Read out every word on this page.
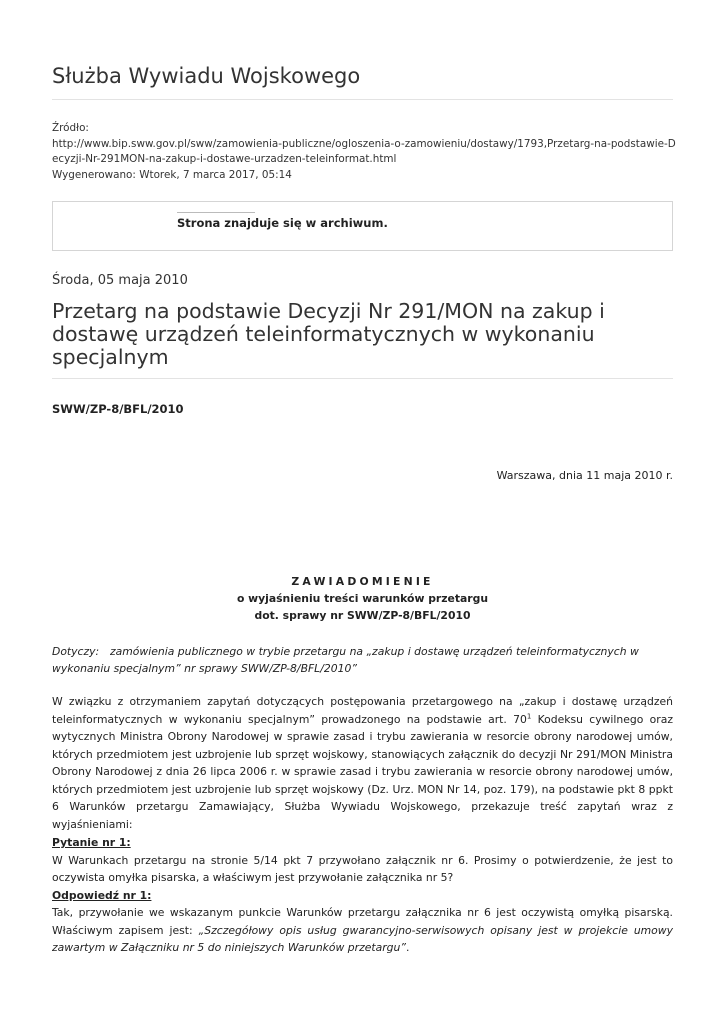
Służba Wywiadu Wojskowego
Źródło:
http://www.bip.sww.gov.pl/sww/zamowienia-publiczne/ogloszenia-o-zamowieniu/dostawy/1793,Przetarg-na-podstawie-Decyzji-Nr-291MON-na-zakup-i-dostawe-urzadzen-teleinformat.html
Wygenerowano: Wtorek, 7 marca 2017, 05:14
Strona znajduje się w archiwum.
Środa, 05 maja 2010
Przetarg na podstawie Decyzji Nr 291/MON na zakup i dostawę urządzeń teleinformatycznych w wykonaniu specjalnym
SWW/ZP-8/BFL/2010
Warszawa, dnia 11 maja 2010 r.
ZAWIADOMIENIE
o wyjaśnieniu treści warunków przetargu
dot. sprawy nr SWW/ZP-8/BFL/2010
Dotyczy: zamówienia publicznego w trybie przetargu na „zakup i dostawę urządzeń teleinformatycznych w wykonaniu specjalnym” nr sprawy SWW/ZP-8/BFL/2010”
W związku z otrzymaniem zapytań dotyczących postępowania przetargowego na „zakup i dostawę urządzeń teleinformatycznych w wykonaniu specjalnym” prowadzonego na podstawie art. $70^1$ Kodeksu cywilnego oraz wytycznych Ministra Obrony Narodowej w sprawie zasad i trybu zawierania w resorcie obrony narodowej umów, których przedmiotem jest uzbrojenie lub sprzęt wojskowy, stanowiących załącznik do decyzji Nr 291/MON Ministra Obrony Narodowej z dnia 26 lipca 2006 r. w sprawie zasad i trybu zawierania w resorcie obrony narodowej umów, których przedmiotem jest uzbrojenie lub sprzęt wojskowy (Dz. Urz. MON Nr 14, poz. 179), na podstawie pkt 8 ppkt 6 Warunków przetargu Zamawiający, Służba Wywiadu Wojskowego, przekazuje treść zapytań wraz z wyjaśnieniami:
Pytanie nr 1:
W Warunkach przetargu na stronie 5/14 pkt 7 przywołano załącznik nr 6. Prosimy o potwierdzenie, że jest to oczywista omyłka pisarska, a właściwym jest przywołanie załącznika nr 5?
Odpowiedź nr 1:
Tak, przywołanie we wskazanym punkcie Warunków przetargu załącznika nr 6 jest oczywistą omyłką pisarską. Właściwym zapisem jest: „Szczegółowy opis usług gwarancyjno-serwisowych opisany jest w projekcie umowy zawartym w Załączniku nr 5 do niniejszych Warunków przetargu”.
